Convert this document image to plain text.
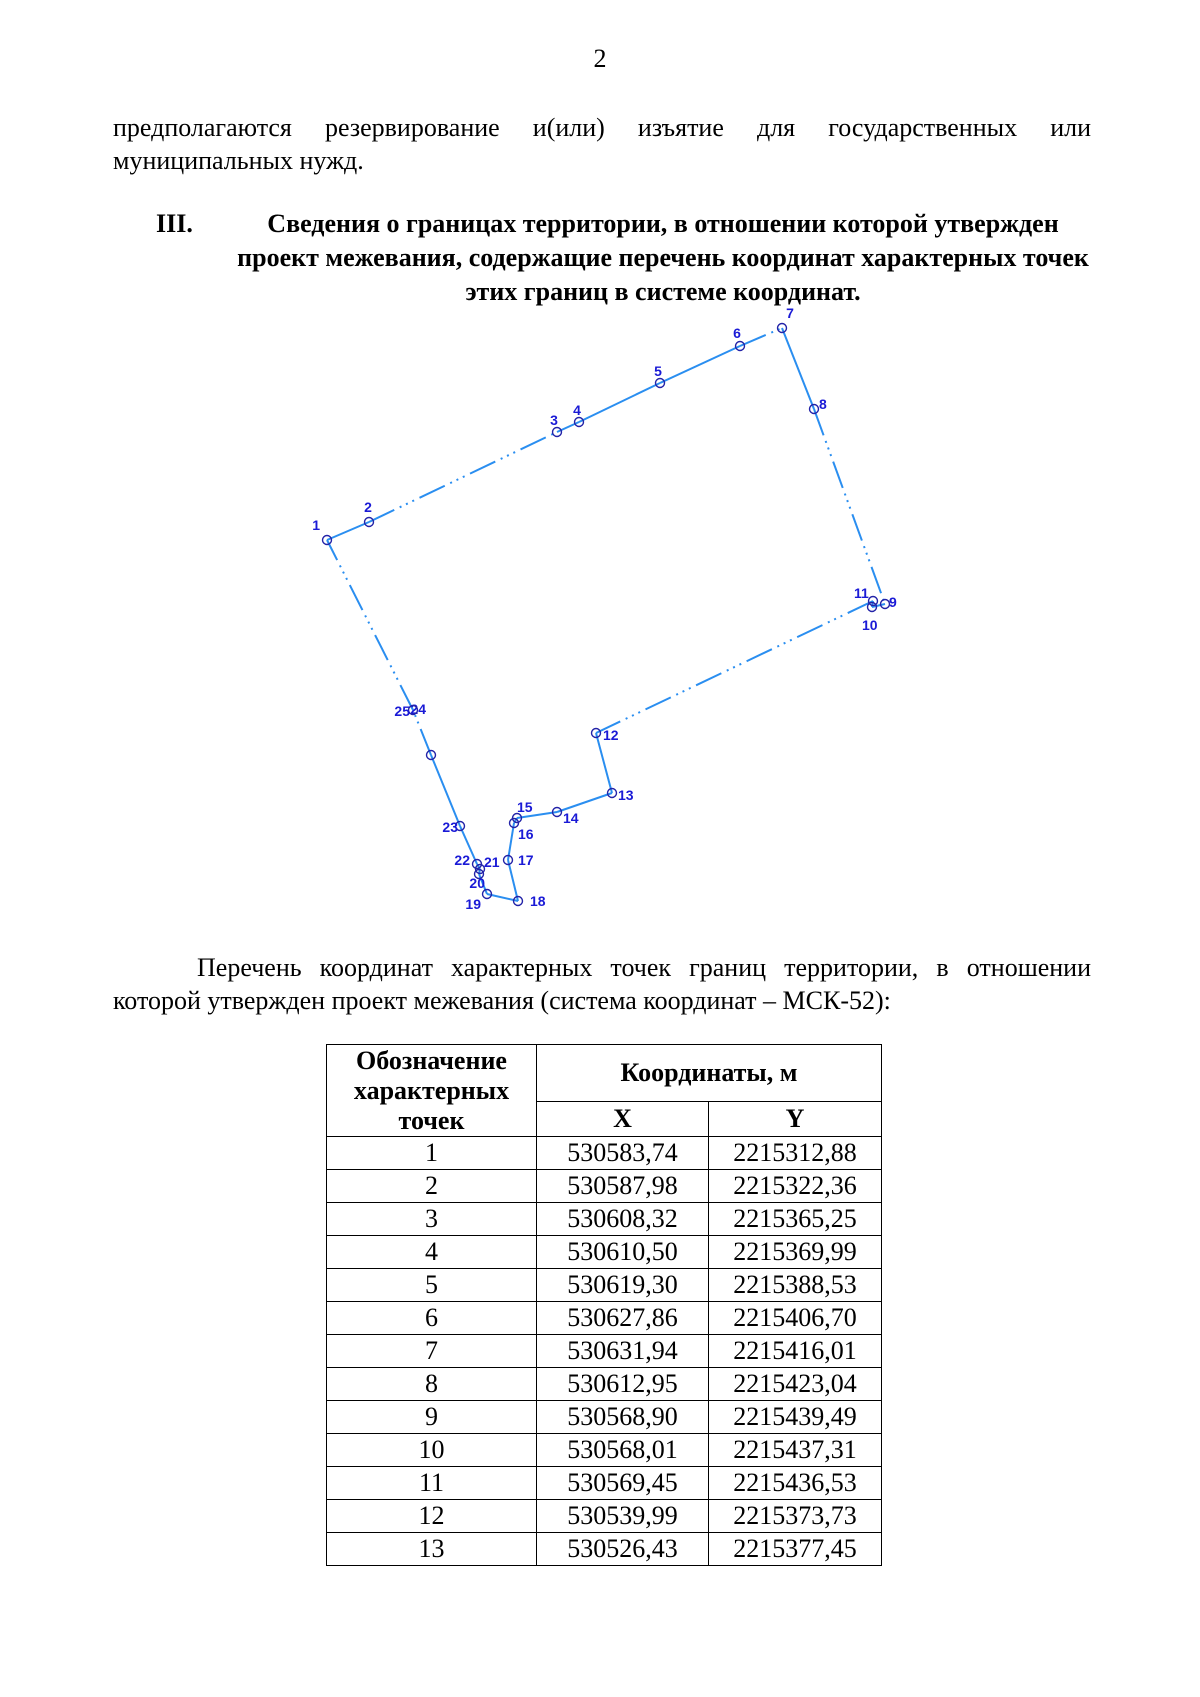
2

предполагаются резервирование и(или) изъятие для государственных или муниципальных нужд.

III.	Сведения о границах территории, в отношении которой утвержден проект межевания, содержащие перечень координат характерных точек этих границ в системе координат.
1
2
3
4
5
6
7
8
9
10
11
12
13
14
15
16
17
18
19
20
21
22
23
24
25

Перечень координат характерных точек границ территории, в отношении которой утвержден проект межевания (система координат – МСК-52):

Обозначение характерных точек	Координаты, м	
	X	Y
1	530583,74	2215312,88
2	530587,98	2215322,36
3	530608,32	2215365,25
4	530610,50	2215369,99
5	530619,30	2215388,53
6	530627,86	2215406,70
7	530631,94	2215416,01
8	530612,95	2215423,04
9	530568,90	2215439,49
10	530568,01	2215437,31
11	530569,45	2215436,53
12	530539,99	2215373,73
13	530526,43	2215377,45
